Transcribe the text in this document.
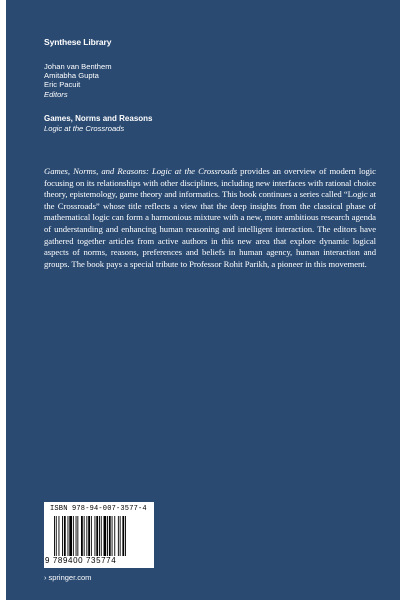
Synthese Library
Johan van Benthem
Amitabha Gupta
Eric Pacuit
Editors
Games, Norms and Reasons
Logic at the Crossroads
Games, Norms, and Reasons: Logic at the Crossroads provides an overview of modern logic focusing on its relationships with other disciplines, including new interfaces with rational choice theory, epistemology, game theory and informatics. This book continues a series called “Logic at the Crossroads” whose title reflects a view that the deep insights from the classical phase of mathematical logic can form a harmonious mixture with a new, more ambitious research agenda of understanding and enhancing human reasoning and intelligent interaction. The editors have gathered together articles from active authors in this new area that explore dynamic logical aspects of norms, reasons, preferences and beliefs in human agency, human interaction and groups. The book pays a special tribute to Professor Rohit Parikh, a pioneer in this movement.
ISBN 978-94-007-3577-4
9 789400 735774
› springer.com
